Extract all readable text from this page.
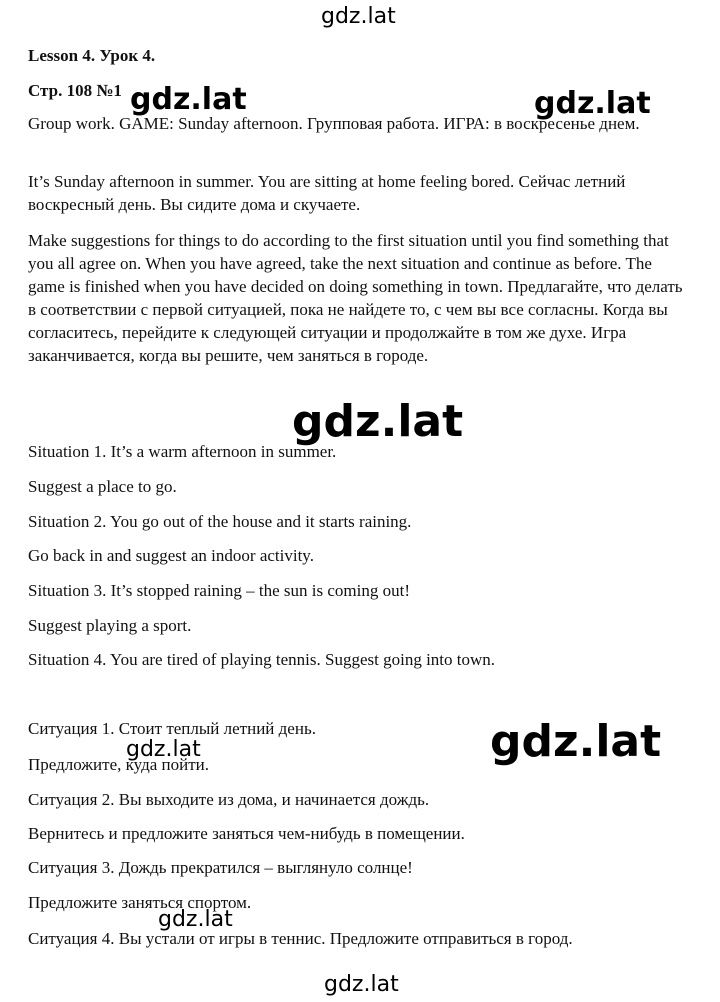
gdz.lat
Lesson 4. Урок 4.
Стр. 108 №1
Group work. GAME: Sunday afternoon. Групповая работа. ИГРА: в воскресенье днем.
It’s Sunday afternoon in summer. You are sitting at home feeling bored. Сейчас летний воскресный день. Вы сидите дома и скучаете.
Make suggestions for things to do according to the first situation until you find something that you all agree on. When you have agreed, take the next situation and continue as before. The game is finished when you have decided on doing something in town. Предлагайте, что делать в соответствии с первой ситуацией, пока не найдете то, с чем вы все согласны. Когда вы согласитесь, перейдите к следующей ситуации и продолжайте в том же духе. Игра заканчивается, когда вы решите, чем заняться в городе.
Situation 1. It’s a warm afternoon in summer.
Suggest a place to go.
Situation 2. You go out of the house and it starts raining.
Go back in and suggest an indoor activity.
Situation 3. It’s stopped raining – the sun is coming out!
Suggest playing a sport.
Situation 4. You are tired of playing tennis. Suggest going into town.
Ситуация 1. Стоит теплый летний день.
Предложите, куда пойти.
Ситуация 2. Вы выходите из дома, и начинается дождь.
Вернитесь и предложите заняться чем-нибудь в помещении.
Ситуация 3. Дождь прекратился – выглянуло солнце!
Предложите заняться спортом.
Ситуация 4. Вы устали от игры в теннис. Предложите отправиться в город.
gdz.lat	gdz.lat
gdz.lat
gdz.lat
gdz.lat
gdz.lat
gdz.lat
